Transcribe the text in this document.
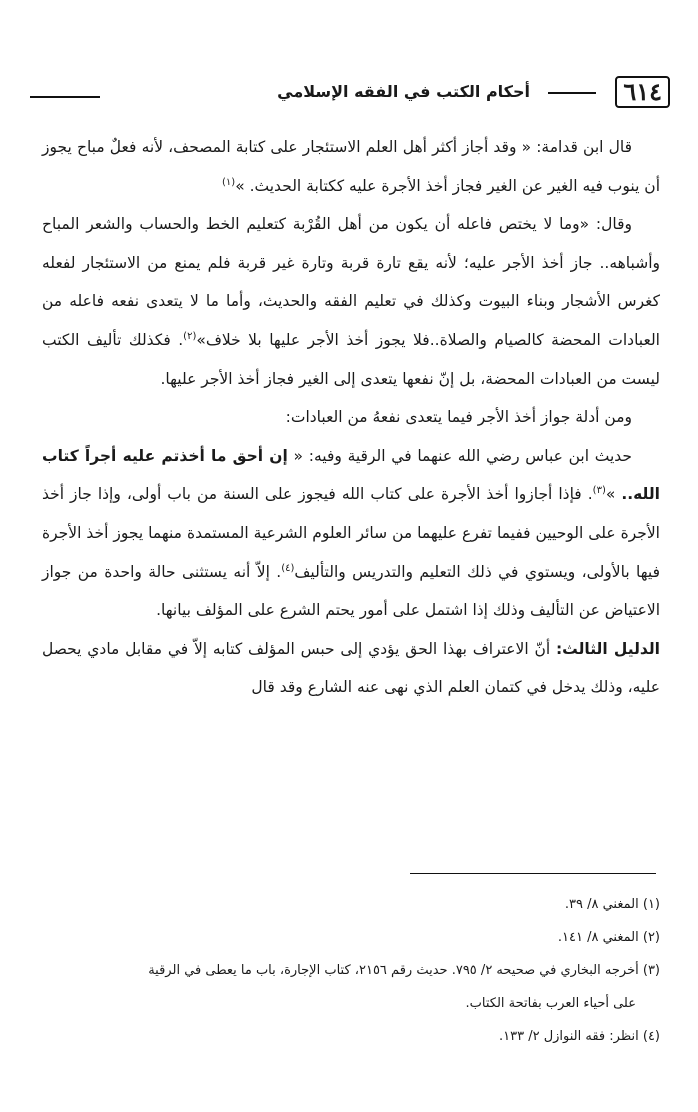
٦١٤
أحكام الكتب في الفقه الإسلامي

قال ابن قدامة: « وقد أجاز أكثر أهل العلم الاستئجار على كتابة المصحف، لأنه فعلٌ مباح يجوز أن ينوب فيه الغير عن الغير فجاز أخذ الأجرة عليه ككتابة الحديث. »$^{(١)}$

وقال: «وما لا يختص فاعله أن يكون من أهل القُرْبة كتعليم الخط والحساب والشعر المباح وأشباهه.. جاز أخذ الأجر عليه؛ لأنه يقع تارة قربة وتارة غير قربة فلم يمنع من الاستئجار لفعله كغرس الأشجار وبناء البيوت وكذلك في تعليم الفقه والحديث، وأما ما لا يتعدى نفعه فاعله من العبادات المحضة كالصيام والصلاة..فلا يجوز أخذ الأجر عليها بلا خلاف»$^{(٢)}$. فكذلك تأليف الكتب ليست من العبادات المحضة، بل إنّ نفعها يتعدى إلى الغير فجاز أخذ الأجر عليها.

ومن أدلة جواز أخذ الأجر فيما يتعدى نفعهُ من العبادات:

حديث ابن عباس رضي الله عنهما في الرقية وفيه: « إن أحق ما أخذتم عليه أجراً كتاب الله.. »$^{(٣)}$. فإذا أجازوا أخذ الأجرة على كتاب الله فيجوز على السنة من باب أولى، وإذا جاز أخذ الأجرة على الوحيين ففيما تفرع عليهما من سائر العلوم الشرعية المستمدة منهما يجوز أخذ الأجرة فيها بالأولى، ويستوي في ذلك التعليم والتدريس والتأليف$^{(٤)}$. إلاّ أنه يستثنى حالة واحدة من جواز الاعتياض عن التأليف وذلك إذا اشتمل على أمور يحتم الشرع على المؤلف بيانها.

الدليل الثالث: أنّ الاعتراف بهذا الحق يؤدي إلى حبس المؤلف كتابه إلاّ في مقابل مادي يحصل عليه، وذلك يدخل في كتمان العلم الذي نهى عنه الشارع وقد قال

(١) المغني ٨/ ٣٩.

(٢) المغني ٨/ ١٤١.

(٣) أخرجه البخاري في صحيحه ٢/ ٧٩٥. حديث رقم ٢١٥٦، كتاب الإجارة، باب ما يعطى في الرقية

على أحياء العرب بفاتحة الكتاب.

(٤) انظر: فقه النوازل ٢/ ١٣٣.
